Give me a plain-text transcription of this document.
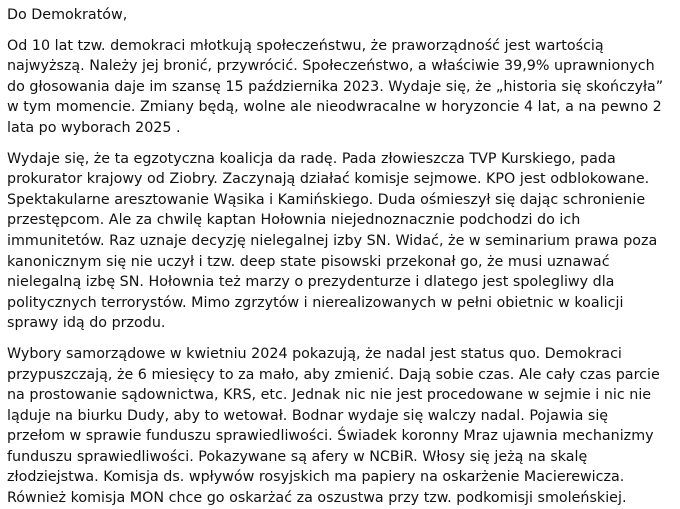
Do Demokratów,

Od 10 lat tzw. demokraci młotkują społeczeństwu, że praworządność jest wartością najwyższą. Należy jej bronić, przywrócić. Społeczeństwo, a właściwie 39,9% uprawnionych do głosowania daje im szansę 15 października 2023. Wydaje się, że „historia się skończyła” w tym momencie. Zmiany będą, wolne ale nieodwracalne w horyzoncie 4 lat, a na pewno 2 lata po wyborach 2025 .

Wydaje się, że ta egzotyczna koalicja da radę. Pada złowieszcza TVP Kurskiego, pada prokurator krajowy od Ziobry. Zaczynają działać komisje sejmowe. KPO jest odblokowane. Spektakularne aresztowanie Wąsika i Kamińskiego. Duda ośmieszył się dając schronienie przestępcom. Ale za chwilę kaptan Hołownia niejednoznacznie podchodzi do ich immunitetów. Raz uznaje decyzję nielegalnej izby SN. Widać, że w seminarium prawa poza kanonicznym się nie uczył i tzw. deep state pisowski przekonał go, że musi uznawać nielegalną izbę SN. Hołownia też marzy o prezydenturze i dlatego jest spolegliwy dla politycznych terrorystów. Mimo zgrzytów i nierealizowanych w pełni obietnic w koalicji sprawy idą do przodu.

Wybory samorządowe w kwietniu 2024 pokazują, że nadal jest status quo. Demokraci przypuszczają, że 6 miesięcy to za mało, aby zmienić. Dają sobie czas. Ale cały czas parcie na prostowanie sądownictwa, KRS, etc. Jednak nic nie jest procedowane w sejmie i nic nie ląduje na biurku Dudy, aby to wetował. Bodnar wydaje się walczy nadal. Pojawia się przełom w sprawie funduszu sprawiedliwości. Świadek koronny Mraz ujawnia mechanizmy funduszu sprawiedliwości. Pokazywane są afery w NCBiR. Włosy się jeżą na skalę złodziejstwa. Komisja ds. wpływów rosyjskich ma papiery na oskarżenie Macierewicza. Również komisja MON chce go oskarżać za oszustwa przy tzw. podkomisji smoleńskiej.
